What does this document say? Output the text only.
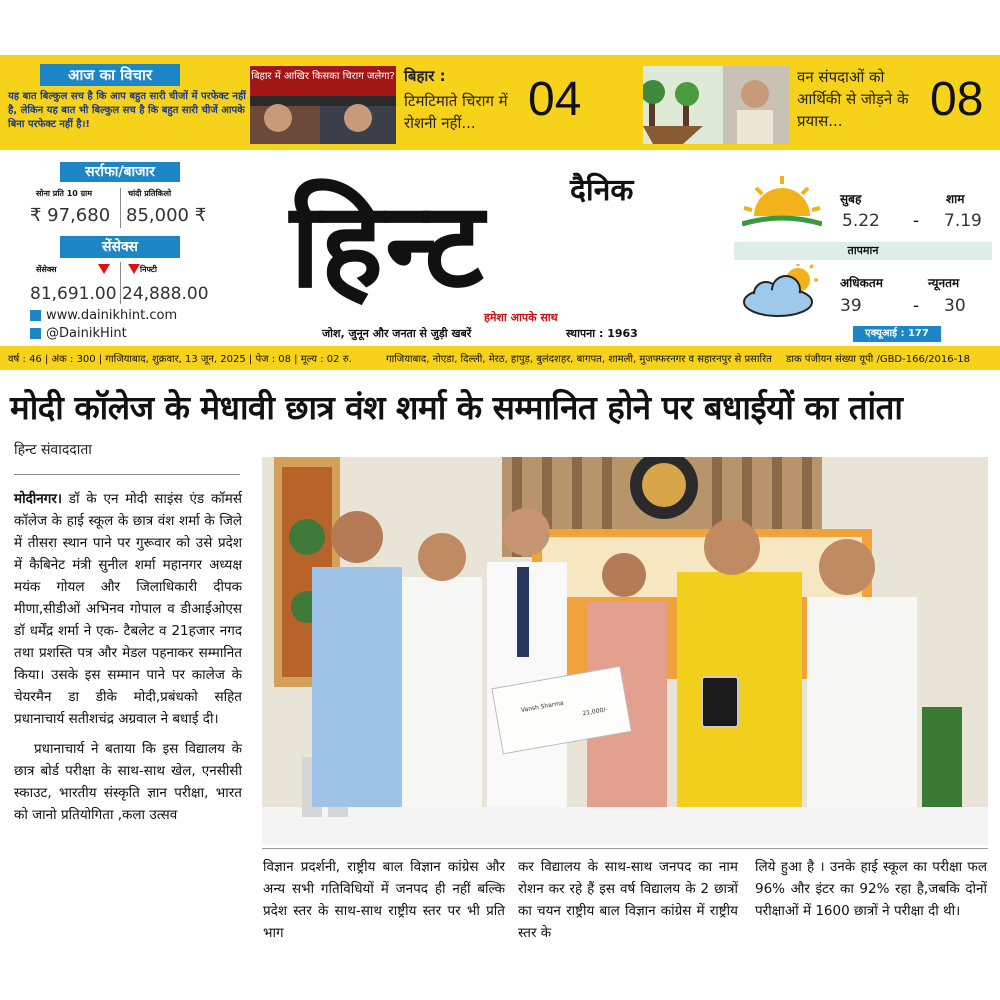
आज का विचार
यह बात बिल्कुल सच है कि आप बहुत सारी चीजों में परफेक्ट नहीं है, लेकिन यह बात भी बिल्कुल सच है कि बहुत सारी चीजें आपके बिना परफेक्ट नहीं है।!
बिहार में आखिर किसका चिराग जलेगा? बिहार :
टिमटिमाते चिराग में रोशनी नहीं...	04	वन संपदाओं को आर्थिकी से जोड़ने के प्रयास...	08
सर्राफा/बाजार
सोना प्रति 10 ग्राम	चांदी प्रतिकिलो
₹ 97,680 85,000 ₹
सेंसेक्स
सेंसेक्स	निफ्टी
81,691.00 24,888.00
www.dainikhint.com
@DainikHint
हिन्ट	दैनिक
हमेशा आपके साथ
जोश, जुनून और जनता से जुड़ी खबरें	स्थापना : 1963
सुबह	शाम
5.22 - 7.19
तापमान
अधिकतम	न्यूनतम
39	- 30
एक्यूआई : 177
वर्ष : 46 | अंक : 300 | गाजियाबाद, शुक्रवार, 13 जून, 2025 | पेज : 08 | मूल्य : 02 रु.	गाजियाबाद, नोएडा, दिल्ली, मेरठ, हापुड़, बुलंदशहर, बागपत, शामली, मुजफ्फरनगर व सहारनपुर से प्रसारित डाक पंजीयन संख्या यूपी /GBD-166/2016-18
मोदी कॉलेज के मेधावी छात्र वंश शर्मा के सम्मानित होने पर बधाईयों का तांता
हिन्ट संवाददाता

मोदीनगर। डॉ के एन मोदी साइंस एंड कॉमर्स कॉलेज के हाई स्कूल के छात्र वंश शर्मा के जिले में तीसरा स्थान पाने पर गुरूवार को उसे प्रदेश में कैबिनेट मंत्री सुनील शर्मा महानगर अध्यक्ष मयंक गोयल और जिलाधिकारी दीपक मीणा,सीडीओं अभिनव गोपाल व डीआईओएस डॉ धर्मेंद्र शर्मा ने एक- टैबलेट व 21हजार नगद तथा प्रशस्ति पत्र और मेडल पहनाकर सम्मानित किया। उसके इस सम्मान पाने पर कालेज के चेयरमैन डा डीके मोदी,प्रबंधको सहित प्रधानाचार्य सतीशचंद्र अग्रवाल ने बधाई दी।

प्रधानाचार्य ने बताया कि इस विद्यालय के छात्र बोर्ड परीक्षा के साथ-साथ खेल, एनसीसी स्काउट, भारतीय संस्कृति ज्ञान परीक्षा, भारत को जानो प्रतियोगिता ,कला उत्सव

Vansh Sharma	21,000/-
विज्ञान प्रदर्शनी, राष्ट्रीय बाल विज्ञान कांग्रेस और अन्य सभी गतिविधियों में जनपद ही नहीं बल्कि प्रदेश स्तर के साथ-साथ राष्ट्रीय स्तर पर भी प्रति भाग
कर विद्यालय के साथ-साथ जनपद का नाम रोशन कर रहे हैं इस वर्ष विद्यालय के 2 छात्रों का चयन राष्ट्रीय बाल विज्ञान कांग्रेस में राष्ट्रीय स्तर के
लिये हुआ है । उनके हाई स्कूल का परीक्षा फल 96% और इंटर का 92% रहा है,जबकि दोनों परीक्षाओं में 1600 छात्रों ने परीक्षा दी थी।
